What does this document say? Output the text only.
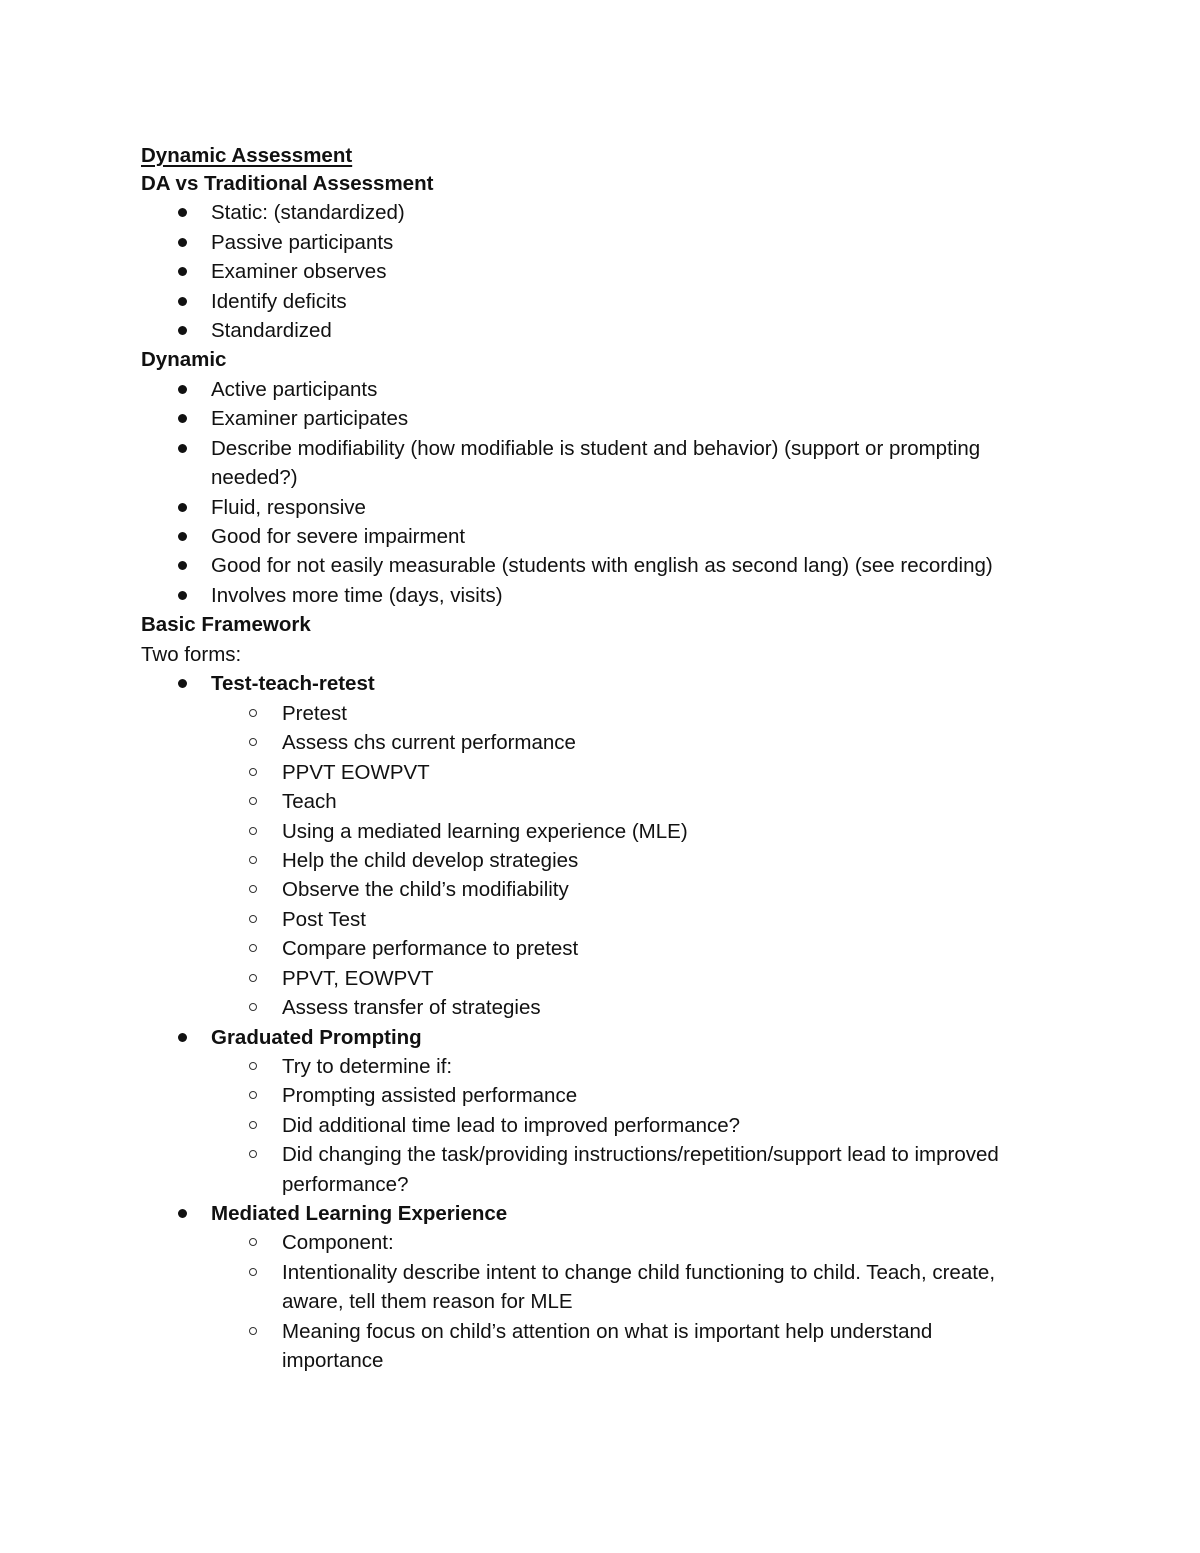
Dynamic Assessment
DA vs Traditional Assessment
Static: (standardized)
Passive participants
Examiner observes
Identify deficits
Standardized
Dynamic
Active participants
Examiner participates
Describe modifiability (how modifiable is student and behavior) (support or prompting
needed?)
Fluid, responsive
Good for severe impairment
Good for not easily measurable (students with english as second lang) (see recording)
Involves more time (days, visits)
Basic Framework
Two forms:
Test-teach-retest
Pretest
Assess chs current performance
PPVT EOWPVT
Teach
Using a mediated learning experience (MLE)
Help the child develop strategies
Observe the child’s modifiability
Post Test
Compare performance to pretest
PPVT, EOWPVT
Assess transfer of strategies
Graduated Prompting
Try to determine if:
Prompting assisted performance
Did additional time lead to improved performance?
Did changing the task/providing instructions/repetition/support lead to improved
performance?
Mediated Learning Experience
Component:
Intentionality describe intent to change child functioning to child. Teach, create,
aware, tell them reason for MLE
Meaning focus on child’s attention on what is important help understand
importance
